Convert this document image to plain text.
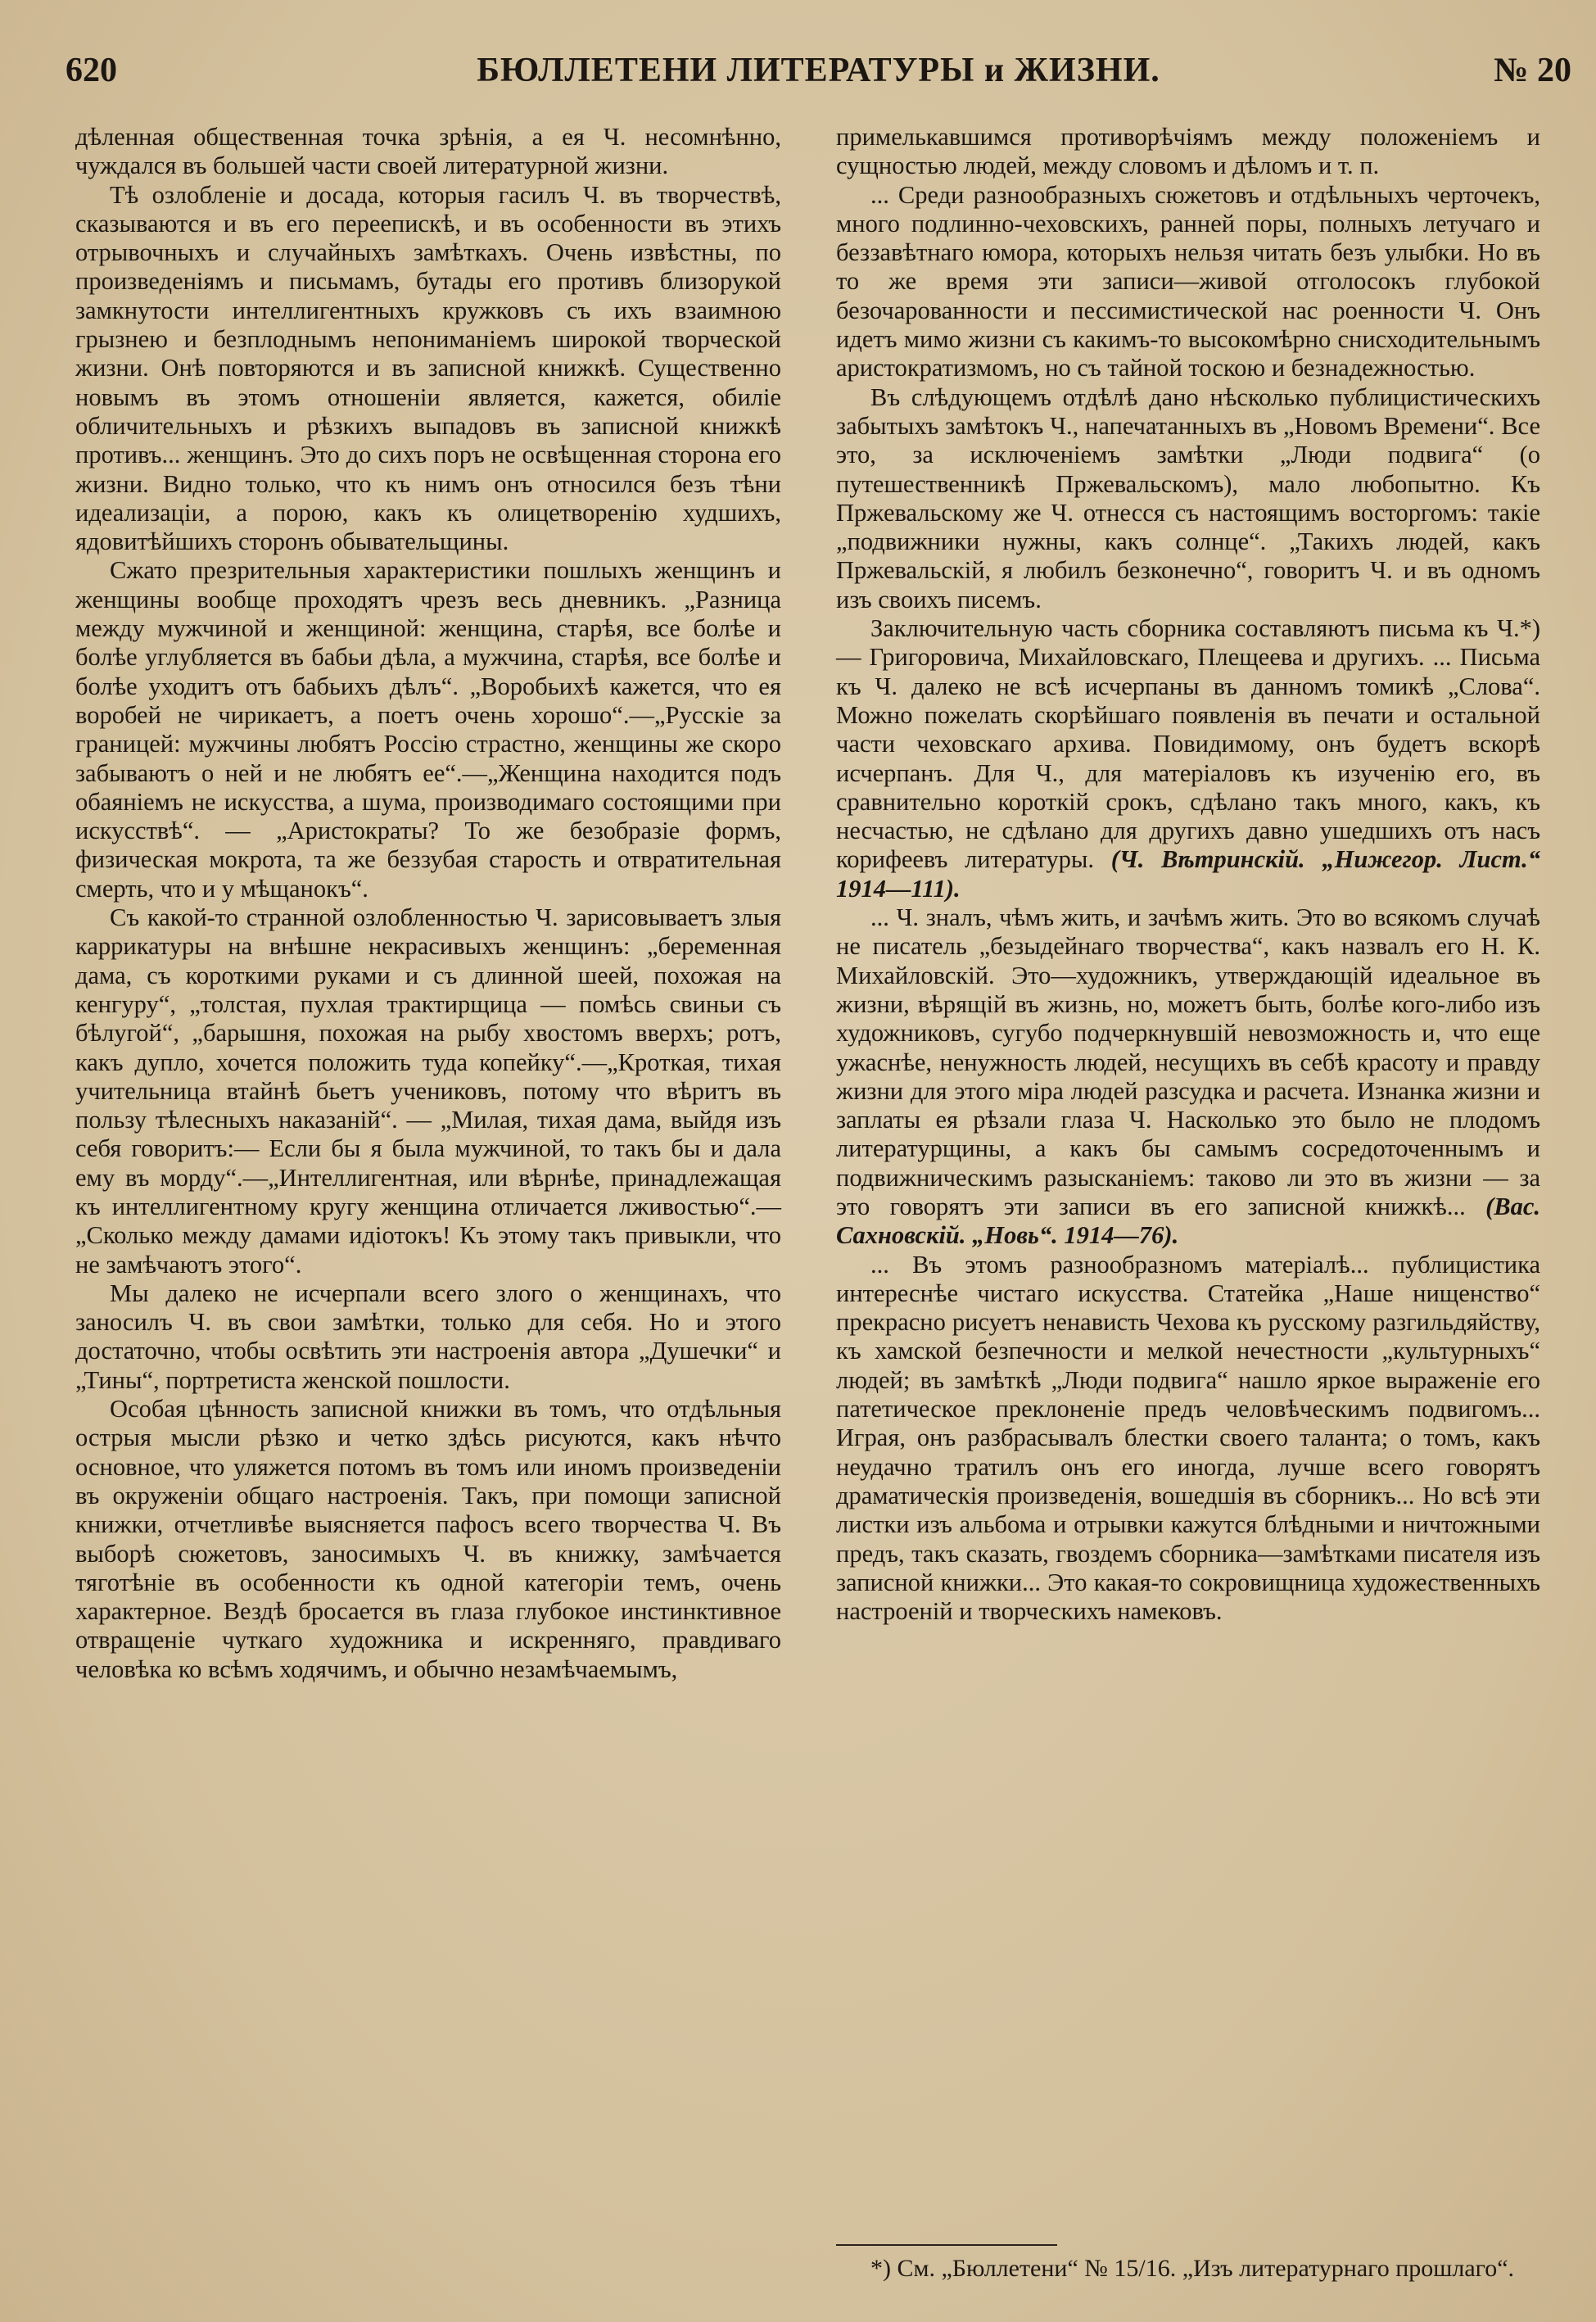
620	БЮЛЛЕТЕНИ ЛИТЕРАТУРЫ и ЖИЗНИ.	№ 20

дѣленная общественная точка зрѣнія, а ея Ч. несомнѣнно, чуждался въ большей части своей литературной жизни.

Тѣ озлобленіе и досада, которыя гасилъ Ч. въ творчествѣ, сказываются и въ его переепискѣ, и въ особенности въ этихъ отрывочныхъ и случайныхъ замѣткахъ. Очень извѣстны, по произведеніямъ и письмамъ, бутады его противъ близорукой замкнутости интеллигентныхъ кружковъ съ ихъ взаимною грызнею и безплоднымъ непониманіемъ широкой творческой жизни. Онѣ повторяются и въ записной книжкѣ. Существенно новымъ въ этомъ отношеніи является, кажется, обиліе обличительныхъ и рѣзкихъ выпадовъ въ записной книжкѣ противъ... женщинъ. Это до сихъ поръ не освѣщенная сторона его жизни. Видно только, что къ нимъ онъ относился безъ тѣни идеализаціи, а порою, какъ къ олицетворенію худшихъ, ядовитѣйшихъ сторонъ обывательщины.

Сжато презрительныя характеристики пошлыхъ женщинъ и женщины вообще проходятъ чрезъ весь дневникъ. „Разница между мужчиной и женщиной: женщина, старѣя, все болѣе и болѣе углубляется въ бабьи дѣла, а мужчина, старѣя, все болѣе и болѣе уходитъ отъ бабьихъ дѣлъ“. „Воробьихѣ кажется, что ея воробей не чирикаетъ, а поетъ очень хорошо“.—„Русскіе за границей: мужчины любятъ Россію страстно, женщины же скоро забываютъ о ней и не любятъ ее“.—„Женщина находится подъ обаяніемъ не искусства, а шума, производимаго состоящими при искусствѣ“. — „Аристократы? То же безобразіе формъ, физическая мокрота, та же беззубая старость и отвратительная смерть, что и у мѣщанокъ“.

Съ какой-то странной озлобленностью Ч. зарисовываетъ злыя каррикатуры на внѣшне некрасивыхъ женщинъ: „беременная дама, съ короткими руками и съ длинной шеей, похожая на кенгуру“, „толстая, пухлая трактирщица — помѣсь свиньи съ бѣлугой“, „барышня, похожая на рыбу хвостомъ вверхъ; ротъ, какъ дупло, хочется положить туда копейку“.—„Кроткая, тихая учительница втайнѣ бьетъ учениковъ, потому что вѣритъ въ пользу тѣлесныхъ наказаній“. — „Милая, тихая дама, выйдя изъ себя говоритъ:— Если бы я была мужчиной, то такъ бы и дала ему въ морду“.—„Интеллигентная, или вѣрнѣе, принадлежащая къ интеллигентному кругу женщина отличается лживостью“.—„Сколько между дамами идіотокъ! Къ этому такъ привыкли, что не замѣчаютъ этого“.

Мы далеко не исчерпали всего злого о женщинахъ, что заносилъ Ч. въ свои замѣтки, только для себя. Но и этого достаточно, чтобы освѣтить эти настроенія автора „Душечки“ и „Тины“, портретиста женской пошлости.

Особая цѣнность записной книжки въ томъ, что отдѣльныя острыя мысли рѣзко и четко здѣсь рисуются, какъ нѣчто основное, что уляжется потомъ въ томъ или иномъ произведеніи въ окруженіи общаго настроенія. Такъ, при помощи записной книжки, отчетливѣе выясняется пафосъ всего творчества Ч. Въ выборѣ сюжетовъ, заносимыхъ Ч. въ книжку, замѣчается тяготѣніе въ особенности къ одной категоріи темъ, очень характерное. Вездѣ бросается въ глаза глубокое инстинктивное отвращеніе чуткаго художника и искренняго, правдиваго человѣка ко всѣмъ ходячимъ, и обычно незамѣчаемымъ,

примелькавшимся противорѣчіямъ между положеніемъ и сущностью людей, между словомъ и дѣломъ и т. п.

... Среди разнообразныхъ сюжетовъ и отдѣльныхъ черточекъ, много подлинно-чеховскихъ, ранней поры, полныхъ летучаго и беззавѣтнаго юмора, которыхъ нельзя читать безъ улыбки. Но въ то же время эти записи—живой отголосокъ глубокой безочарованности и пессимистической нас роенности Ч. Онъ идетъ мимо жизни съ какимъ-то высокомѣрно снисходительнымъ аристократизмомъ, но съ тайной тоскою и безнадежностью.

Въ слѣдующемъ отдѣлѣ дано нѣсколько публицистическихъ забытыхъ замѣтокъ Ч., напечатанныхъ въ „Новомъ Времени“. Все это, за исключеніемъ замѣтки „Люди подвига“ (о путешественникѣ Пржевальскомъ), мало любопытно. Къ Пржевальскому же Ч. отнесся съ настоящимъ восторгомъ: такіе „подвижники нужны, какъ солнце“. „Такихъ людей, какъ Пржевальскій, я любилъ безконечно“, говоритъ Ч. и въ одномъ изъ своихъ писемъ.

Заключительную часть сборника составляютъ письма къ Ч.*) — Григоровича, Михайловскаго, Плещеева и другихъ. ... Письма къ Ч. далеко не всѣ исчерпаны въ данномъ томикѣ „Слова“. Можно пожелать скорѣйшаго появленія въ печати и остальной части чеховскаго архива. Повидимому, онъ будетъ вскорѣ исчерпанъ. Для Ч., для матеріаловъ къ изученію его, въ сравнительно короткій срокъ, сдѣлано такъ много, какъ, къ несчастью, не сдѣлано для другихъ давно ушедшихъ отъ насъ корифеевъ литературы. (Ч. Вѣтринскій. „Нижегор. Лист.“ 1914—111).

... Ч. зналъ, чѣмъ жить, и зачѣмъ жить. Это во всякомъ случаѣ не писатель „безыдейнаго творчества“, какъ назвалъ его Н. К. Михайловскій. Это—художникъ, утверждающій идеальное въ жизни, вѣрящій въ жизнь, но, можетъ быть, болѣе кого-либо изъ художниковъ, сугубо подчеркнувшій невозможность и, что еще ужаснѣе, ненужность людей, несущихъ въ себѣ красоту и правду жизни для этого міра людей разсудка и расчета. Изнанка жизни и заплаты ея рѣзали глаза Ч. Насколько это было не плодомъ литературщины, а какъ бы самымъ сосредоточеннымъ и подвижническимъ разысканіемъ: таково ли это въ жизни — за это говорятъ эти записи въ его записной книжкѣ... (Вас. Сахновскій. „Новь“. 1914—76).

... Въ этомъ разнообразномъ матеріалѣ... публицистика интереснѣе чистаго искусства. Статейка „Наше нищенство“ прекрасно рисуетъ ненависть Чехова къ русскому разгильдяйству, къ хамской безпечности и мелкой нечестности „культурныхъ“ людей; въ замѣткѣ „Люди подвига“ нашло яркое выраженіе его патетическое преклоненіе предъ человѣческимъ подвигомъ... Играя, онъ разбрасывалъ блестки своего таланта; о томъ, какъ неудачно тратилъ онъ его иногда, лучше всего говорятъ драматическія произведенія, вошедшія въ сборникъ... Но всѣ эти листки изъ альбома и отрывки кажутся блѣдными и ничтожными предъ, такъ сказать, гвоздемъ сборника—замѣтками писателя изъ записной книжки... Это какая-то сокровищница художественныхъ настроеній и творческихъ намековъ.

*) См. „Бюллетени“ № 15/16. „Изъ литературнаго прошлаго“.
